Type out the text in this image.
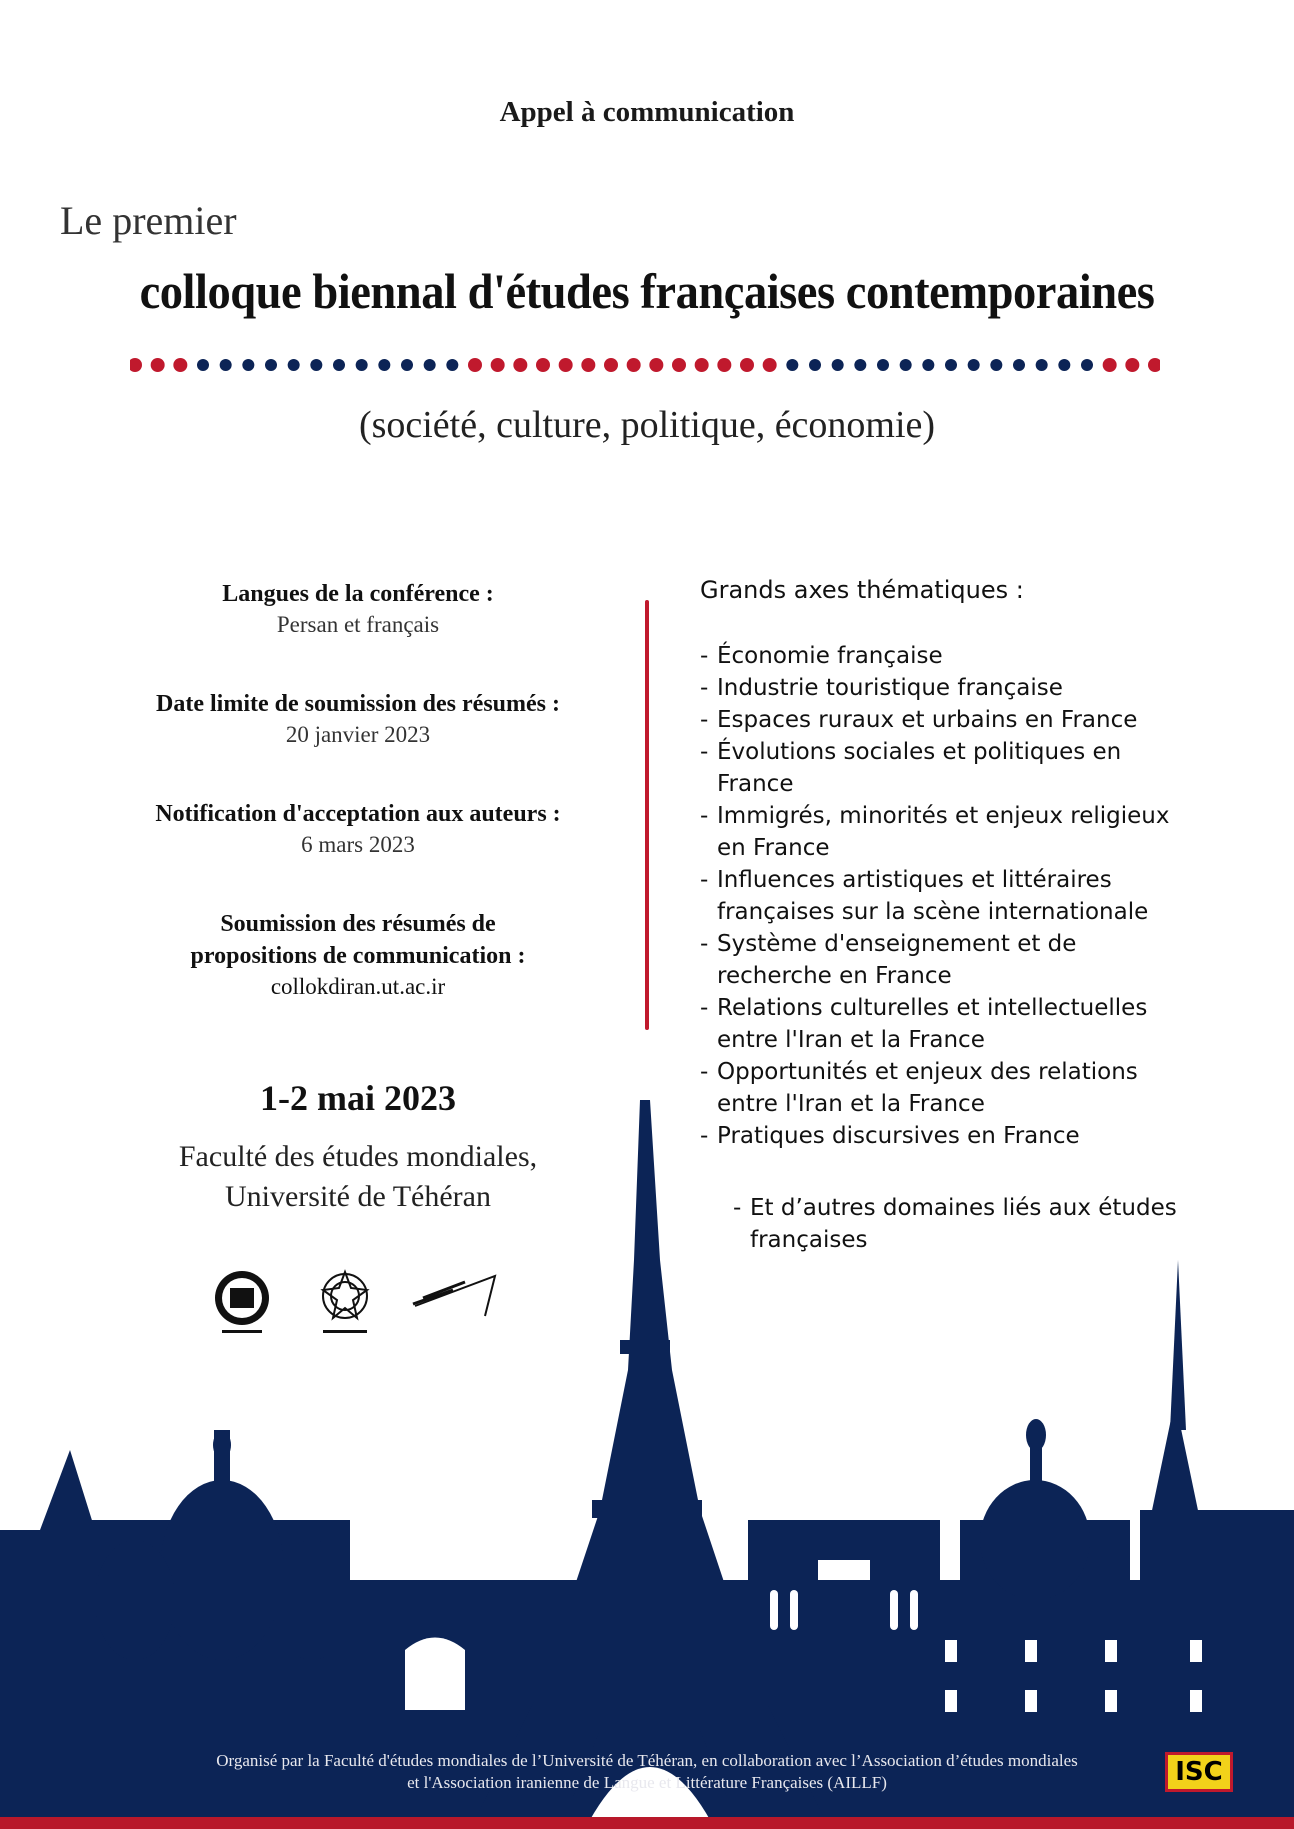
Appel à communication
Le premier
colloque biennal d'études françaises contemporaines
(société, culture, politique, économie)
Langues de la conférence :
Persan et français
Date limite de soumission des résumés :
20 janvier 2023
Notification d'acceptation aux auteurs :
6 mars 2023
Soumission des résumés de
propositions de communication :
collokdiran.ut.ac.ir
1-2 mai 2023
Faculté des études mondiales,
Université de Téhéran
Grands axes thématiques :
- Économie française
- Industrie touristique française
- Espaces ruraux et urbains en France
- Évolutions sociales et politiques en France
- Immigrés, minorités et enjeux religieux en France
- Influences artistiques et littéraires françaises sur la scène internationale
- Système d'enseignement et de recherche en France
- Relations culturelles et intellectuelles entre l'Iran et la France
- Opportunités et enjeux des relations entre l'Iran et la France
- Pratiques discursives en France
- Et d’autres domaines liés aux études françaises
Organisé par la Faculté d'études mondiales de l’Université de Téhéran, en collaboration avec l’Association d’études mondiales
et l'Association iranienne de Langue et Littérature Françaises (AILLF)	ISC
